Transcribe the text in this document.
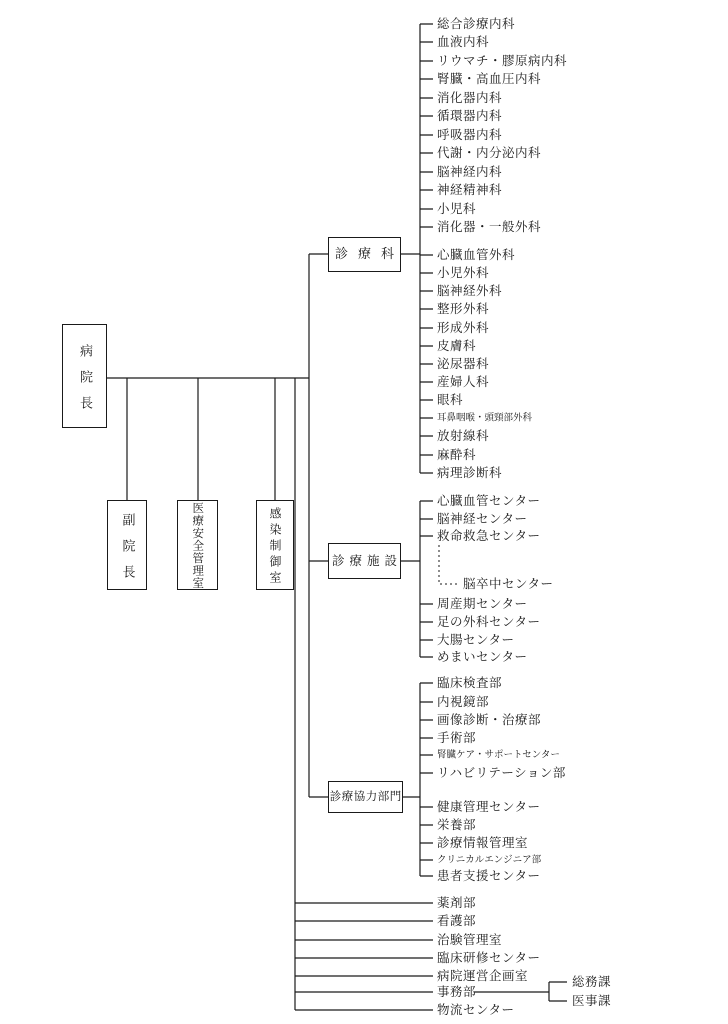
病院長
副院長	医療安全管理室	感染制御室
診療科
診療施設
診療協力部門
総合診療内科
血液内科
リウマチ・膠原病内科
腎臓・高血圧内科
消化器内科
循環器内科
呼吸器内科
代謝・内分泌内科
脳神経内科
神経精神科
小児科
消化器・一般外科
心臓血管外科
小児外科
脳神経外科
整形外科
形成外科
皮膚科
泌尿器科
産婦人科
眼科
耳鼻咽喉・頭頸部外科
放射線科
麻酔科
病理診断科
心臓血管センター
脳神経センター
救命救急センター
脳卒中センター
周産期センター
足の外科センター
大腸センター
めまいセンター
臨床検査部
内視鏡部
画像診断・治療部
手術部
腎臓ケア・サポートセンター
リハビリテーション部
健康管理センター
栄養部
診療情報管理室
クリニカルエンジニア部
患者支援センター
薬剤部
看護部
治験管理室
臨床研修センター
病院運営企画室
事務部
物流センター
総務課
医事課
